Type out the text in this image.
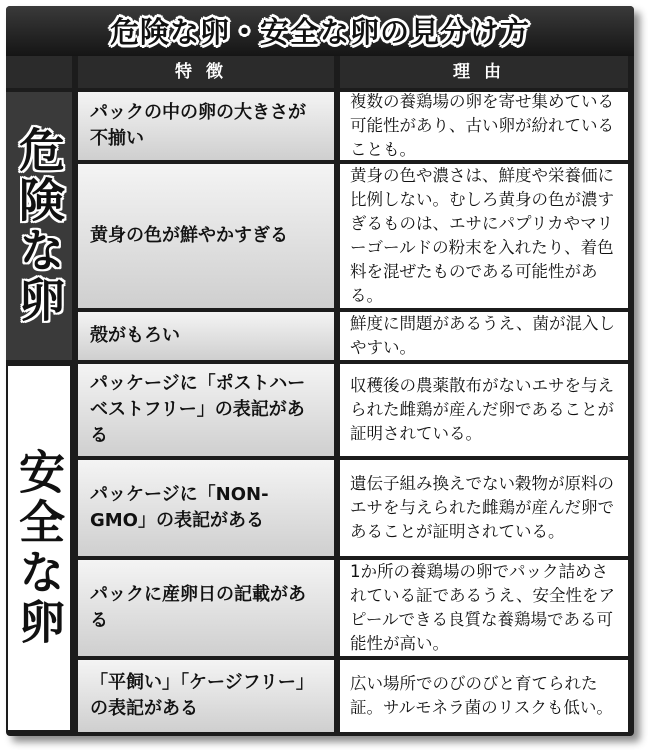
危険な卵・安全な卵の見分け方
特徴	理由
危険な卵
安全な卵
パックの中の卵の大きさが不揃い
複数の養鶏場の卵を寄せ集めている可能性があり、古い卵が紛れていることも。
黄身の色が鮮やかすぎる
黄身の色や濃さは、鮮度や栄養価に比例しない。むしろ黄身の色が濃すぎるものは、エサにパプリカやマリーゴールドの粉末を入れたり、着色料を混ぜたものである可能性がある。
殻がもろい
鮮度に問題があるうえ、菌が混入しやすい。
パッケージに「ポストハーベストフリー」の表記がある
収穫後の農薬散布がないエサを与えられた雌鶏が産んだ卵であることが証明されている。
パッケージに「NON-GMO」の表記がある
遺伝子組み換えでない穀物が原料のエサを与えられた雌鶏が産んだ卵であることが証明されている。
パックに産卵日の記載がある
1か所の養鶏場の卵でパック詰めされている証であるうえ、安全性をアピールできる良質な養鶏場である可能性が高い。
「平飼い」「ケージフリー」の表記がある
広い場所でのびのびと育てられた証。サルモネラ菌のリスクも低い。
